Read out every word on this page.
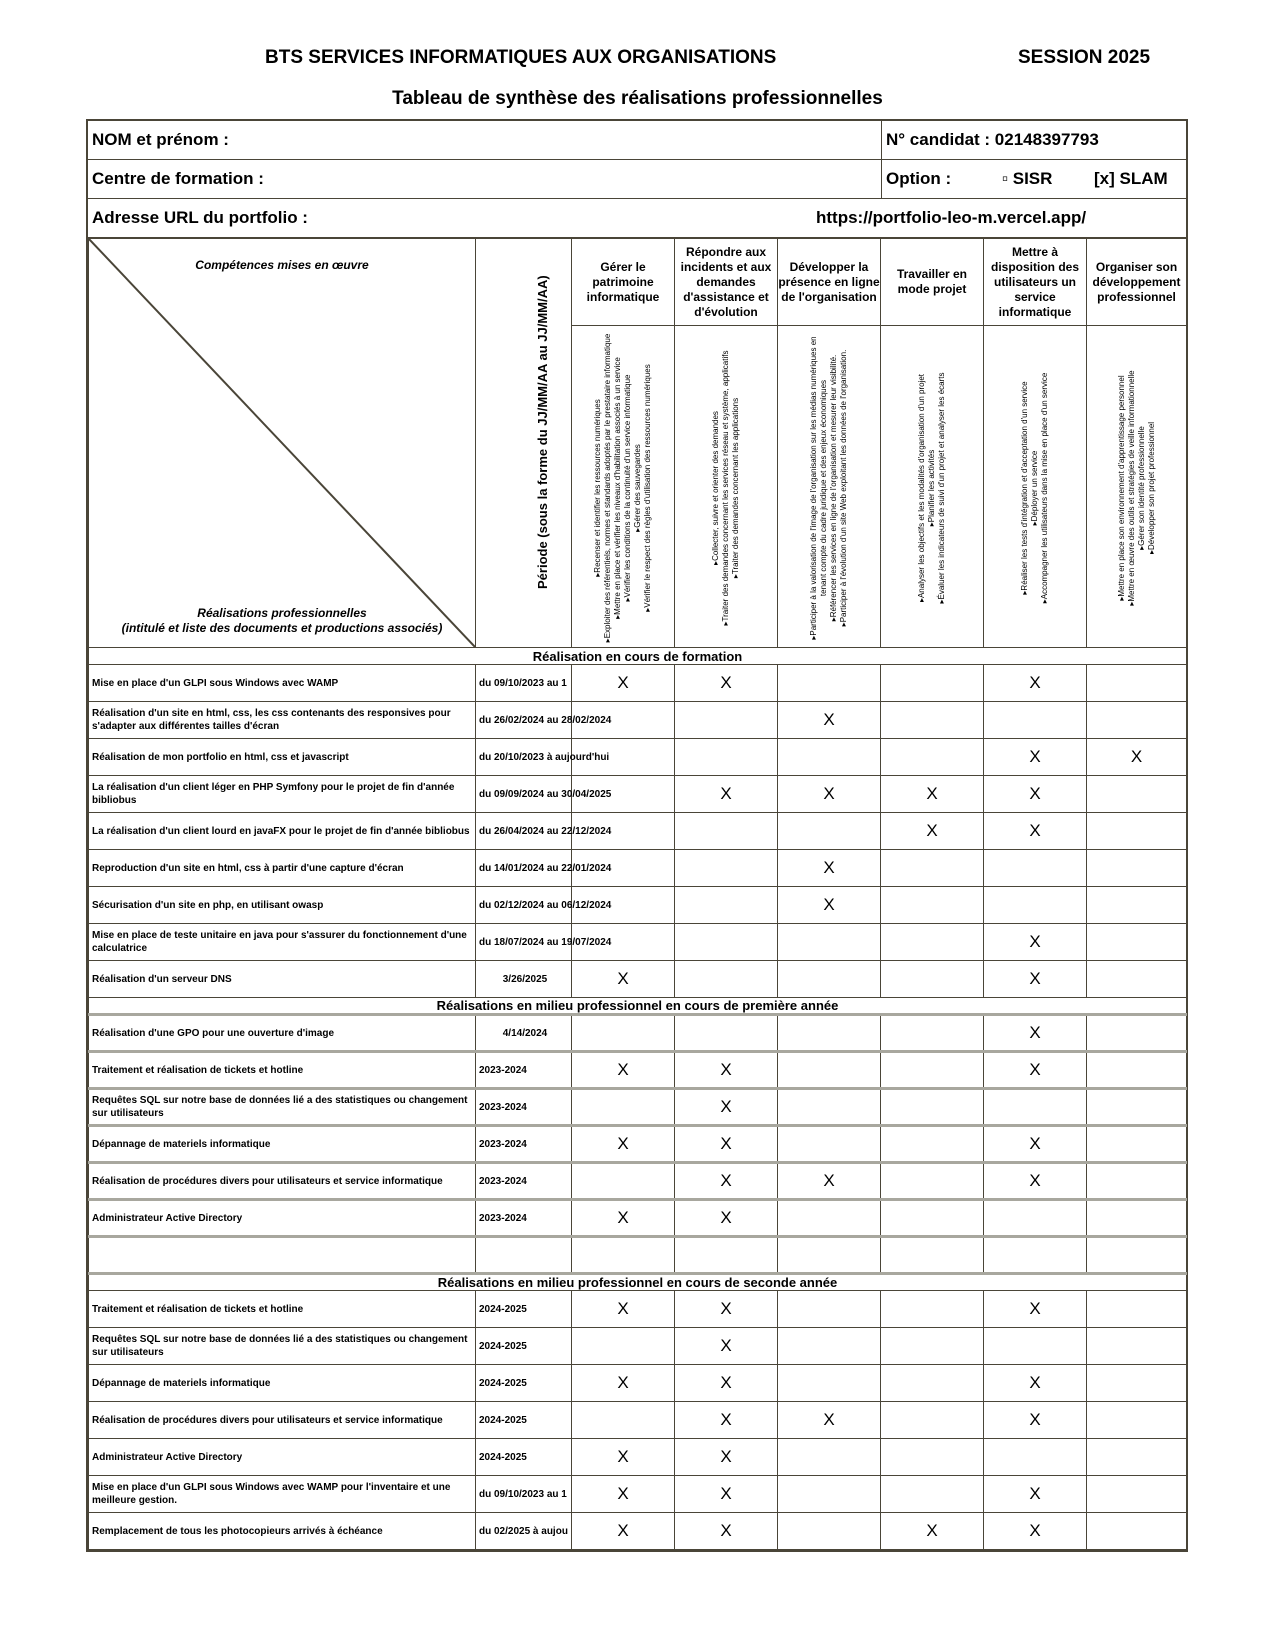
BTS SERVICES INFORMATIQUES AUX ORGANISATIONS	SESSION 2025
Tableau de synthèse des réalisations professionnelles
NOM et prénom :	N° candidat : 02148397793
Centre de formation :	Option :	▫ SISR [x] SLAM
Adresse URL du portfolio :	https://portfolio-leo-m.vercel.app/
Compétences mises en œuvre
Réalisations professionnelles
(intitulé et liste des documents et productions associés)	Période (sous la forme du JJ/MM/AA au JJ/MM/AA)	Gérer le patrimoine informatique	Répondre aux incidents et aux demandes d'assistance et d'évolution	Développer la présence en ligne de l'organisation	Travailler en mode projet	Mettre à disposition des utilisateurs un service informatique	Organiser son développement professionnel

▸Recenser et identifier les ressources numériques ▸Exploiter des référentiels, normes et standards adoptés par le prestataire informatique ▸Mettre en place et vérifier les niveaux d'habilitation associés à un service ▸Vérifier les conditions de la continuité d'un service informatique ▸Gérer des sauvegardes ▸Vérifier le respect des règles d'utilisation des ressources numériques	▸Collecter, suivre et orienter des demandes ▸Traiter des demandes concernant les services réseau et système, applicatifs ▸Traiter des demandes concernant les applications	▸Participer à la valorisation de l'image de l'organisation sur les médias numériques en tenant compte du cadre juridique et des enjeux économiques ▸Référencer les services en ligne de l'organisation et mesurer leur visibilité. ▸Participer à l'évolution d'un site Web exploitant les données de l'organisation.	▸Analyser les objectifs et les modalités d'organisation d'un projet ▸Planifier les activités ▸Évaluer les indicateurs de suivi d'un projet et analyser les écarts	▸Réaliser les tests d'intégration et d'acceptation d'un service ▸Déployer un service ▸Accompagner les utilisateurs dans la mise en place d'un service	▸Mettre en place son environnement d'apprentissage personnel ▸Mettre en œuvre des outils et stratégies de veille informationnelle ▸Gérer son identité professionnelle ▸Développer son projet professionnel

Réalisation en cours de formation							
Mise en place d'un GLPI sous Windows avec WAMP	du 09/10/2023 au 1	X	X			X	
Réalisation d'un site en html, css, les css contenants des responsives pour s'adapter aux différentes tailles d'écran	du 26/02/2024 au 28/02/2024			X			
Réalisation de mon portfolio en html, css et javascript	du 20/10/2023 à aujourd'hui					X	X
La réalisation d'un client léger en PHP Symfony pour le projet de fin d'année bibliobus	du 09/09/2024 au 30/04/2025		X	X	X	X	
La réalisation d'un client lourd en javaFX pour le projet de fin d'année bibliobus	du 26/04/2024 au 22/12/2024				X	X	
Reproduction d'un site en html, css à partir d'une capture d'écran	du 14/01/2024 au 22/01/2024			X			
Sécurisation d'un site en php, en utilisant owasp	du 02/12/2024 au 06/12/2024			X			
Mise en place de teste unitaire en java pour s'assurer du fonctionnement d'une calculatrice	du 18/07/2024 au 19/07/2024					X	
Réalisation d'un serveur DNS	3/26/2025	X				X	
Réalisations en milieu professionnel en cours de première année							
Réalisation d'une GPO pour une ouverture d'image	4/14/2024					X	
Traitement et réalisation de tickets et hotline	2023-2024	X	X			X	
Requêtes SQL sur notre base de données lié a des statistiques ou changement sur utilisateurs	2023-2024		X				
Dépannage de materiels informatique	2023-2024	X	X			X	
Réalisation de procédures divers pour utilisateurs et service informatique	2023-2024		X	X		X	
Administrateur Active Directory	2023-2024	X	X				

Réalisations en milieu professionnel en cours de seconde année							
Traitement et réalisation de tickets et hotline	2024-2025	X	X			X	
Requêtes SQL sur notre base de données lié a des statistiques ou changement sur utilisateurs	2024-2025		X				
Dépannage de materiels informatique	2024-2025	X	X			X	
Réalisation de procédures divers pour utilisateurs et service informatique	2024-2025		X	X		X	
Administrateur Active Directory	2024-2025	X	X				
Mise en place d'un GLPI sous Windows avec WAMP pour l'inventaire et une meilleure gestion.	du 09/10/2023 au 1	X	X			X	
Remplacement de tous les photocopieurs arrivés à échéance	du 02/2025 à aujou	X	X		X	X	
